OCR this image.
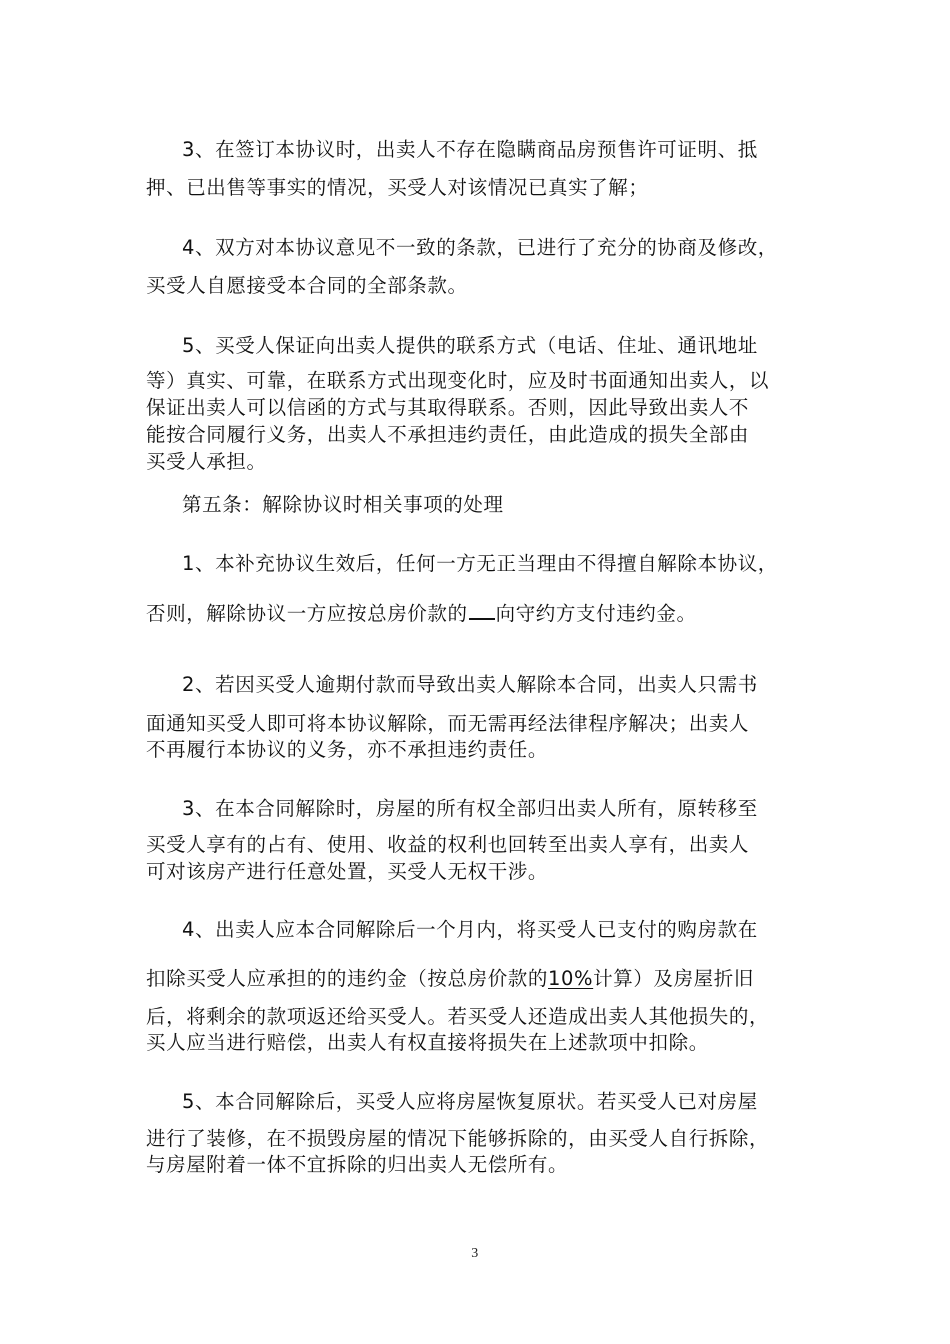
3、在签订本协议时，出卖人不存在隐瞒商品房预售许可证明、抵
押、已出售等事实的情况，买受人对该情况已真实了解；
4、双方对本协议意见不一致的条款，已进行了充分的协商及修改，
买受人自愿接受本合同的全部条款。
5、买受人保证向出卖人提供的联系方式（电话、住址、通讯地址
等）真实、可靠，在联系方式出现变化时，应及时书面通知出卖人，以
保证出卖人可以信函的方式与其取得联系。否则，因此导致出卖人不
能按合同履行义务，出卖人不承担违约责任，由此造成的损失全部由
买受人承担。
第五条：解除协议时相关事项的处理
1、本补充协议生效后，任何一方无正当理由不得擅自解除本协议，
否则，解除协议一方应按总房价款的 向守约方支付违约金。
2、若因买受人逾期付款而导致出卖人解除本合同，出卖人只需书
面通知买受人即可将本协议解除，而无需再经法律程序解决；出卖人
不再履行本协议的义务，亦不承担违约责任。
3、在本合同解除时，房屋的所有权全部归出卖人所有，原转移至
买受人享有的占有、使用、收益的权利也回转至出卖人享有，出卖人
可对该房产进行任意处置，买受人无权干涉。
4、出卖人应本合同解除后一个月内，将买受人已支付的购房款在
扣除买受人应承担的的违约金（按总房价款的10%计算）及房屋折旧
后，将剩余的款项返还给买受人。若买受人还造成出卖人其他损失的，
买人应当进行赔偿，出卖人有权直接将损失在上述款项中扣除。
5、本合同解除后，买受人应将房屋恢复原状。若买受人已对房屋
进行了装修，在不损毁房屋的情况下能够拆除的，由买受人自行拆除，
与房屋附着一体不宜拆除的归出卖人无偿所有。
3
